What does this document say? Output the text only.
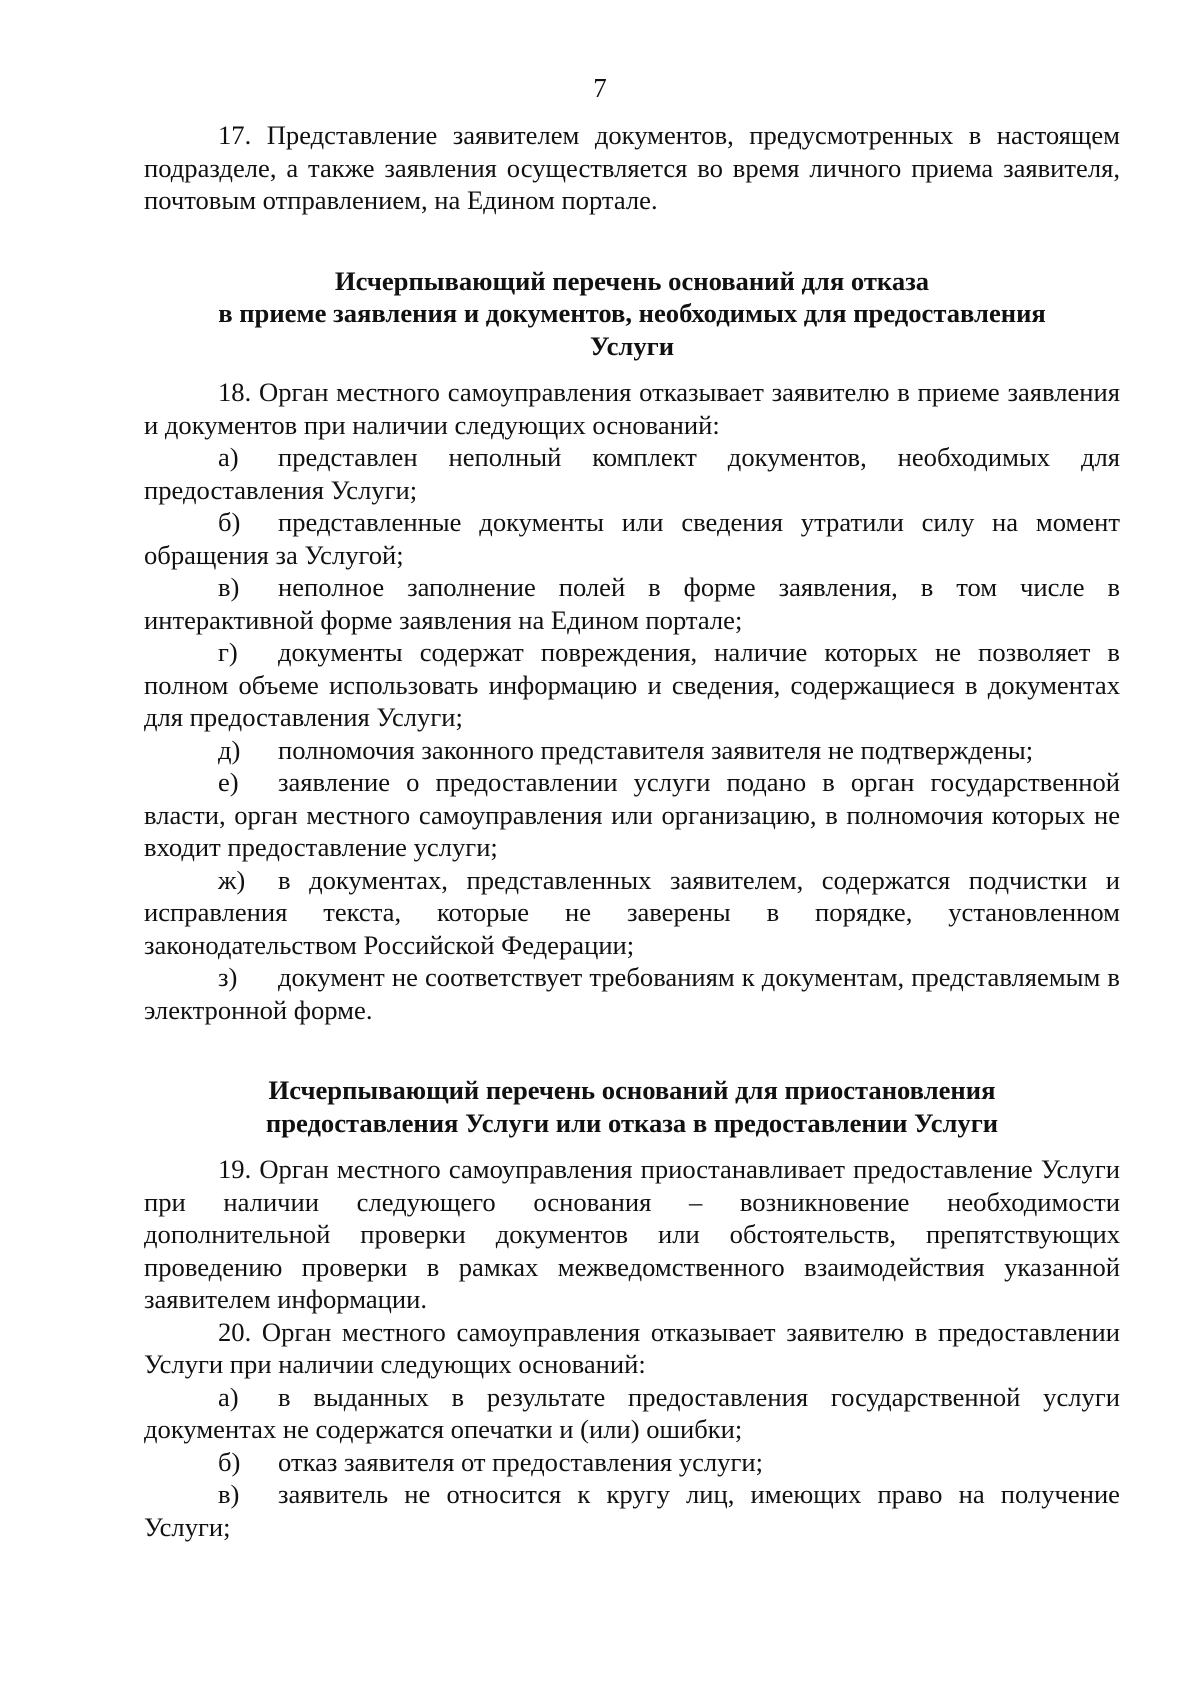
7

17. Представление заявителем документов, предусмотренных в настоящем подразделе, а также заявления осуществляется во время личного приема заявителя, почтовым отправлением, на Едином портале.

Исчерпывающий перечень оснований для отказа
в приеме заявления и документов, необходимых для предоставления
Услуги

18. Орган местного самоуправления отказывает заявителю в приеме заявления и документов при наличии следующих оснований:

а) представлен неполный комплект документов, необходимых для предоставления Услуги;

б) представленные документы или сведения утратили силу на момент обращения за Услугой;

в) неполное заполнение полей в форме заявления, в том числе в интерактивной форме заявления на Едином портале;

г) документы содержат повреждения, наличие которых не позволяет в полном объеме использовать информацию и сведения, содержащиеся в документах для предоставления Услуги;

д) полномочия законного представителя заявителя не подтверждены;

е) заявление о предоставлении услуги подано в орган государственной власти, орган местного самоуправления или организацию, в полномочия которых не входит предоставление услуги;

ж) в документах, представленных заявителем, содержатся подчистки и исправления текста, которые не заверены в порядке, установленном законодательством Российской Федерации;

з) документ не соответствует требованиям к документам, представляемым в электронной форме.

Исчерпывающий перечень оснований для приостановления
предоставления Услуги или отказа в предоставлении Услуги

19. Орган местного самоуправления приостанавливает предоставление Услуги при наличии следующего основания – возникновение необходимости дополнительной проверки документов или обстоятельств, препятствующих проведению проверки в рамках межведомственного взаимодействия указанной заявителем информации.

20. Орган местного самоуправления отказывает заявителю в предоставлении Услуги при наличии следующих оснований:

а) в выданных в результате предоставления государственной услуги документах не содержатся опечатки и (или) ошибки;

б) отказ заявителя от предоставления услуги;

в) заявитель не относится к кругу лиц, имеющих право на получение Услуги;
